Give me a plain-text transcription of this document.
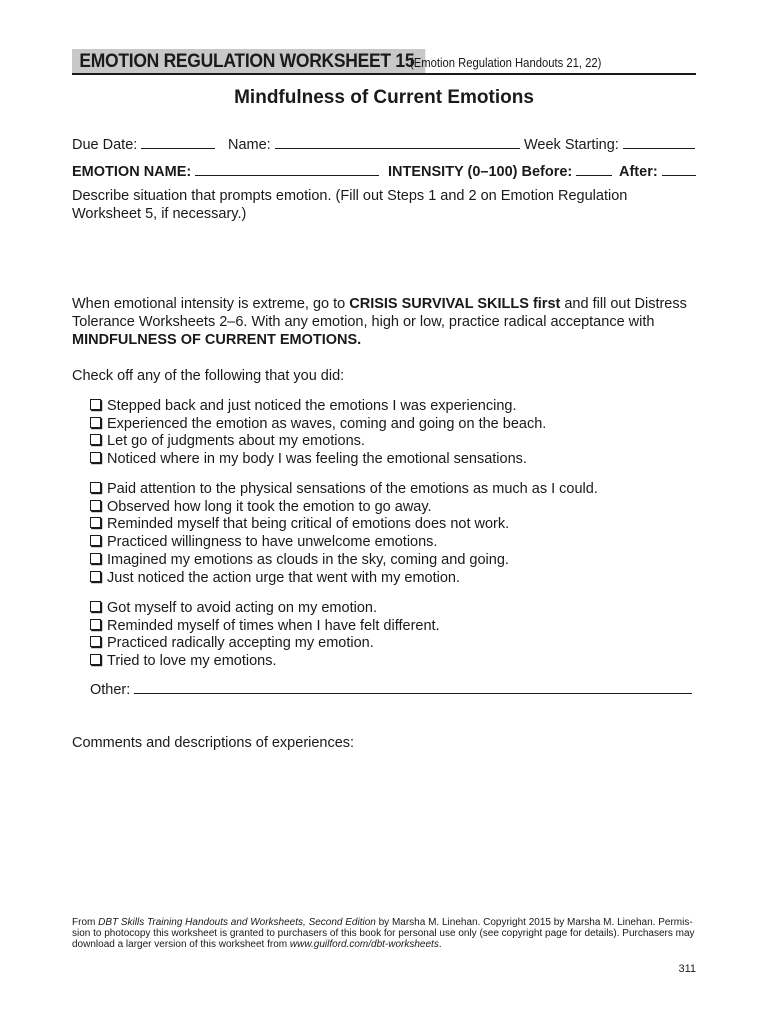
EMOTION REGULATION WORKSHEET 15
(Emotion Regulation Handouts 21, 22)
Mindfulness of Current Emotions
Due Date:	Name:	Week Starting:
EMOTION NAME:	INTENSITY (0–100) Before:	After:
Describe situation that prompts emotion. (Fill out Steps 1 and 2 on Emotion Regulation Worksheet 5, if necessary.)
When emotional intensity is extreme, go to CRISIS SURVIVAL SKILLS first and fill out Distress Tolerance Worksheets 2–6. With any emotion, high or low, practice radical acceptance with MINDFULNESS OF CURRENT EMOTIONS.
Check off any of the following that you did:
Stepped back and just noticed the emotions I was experiencing.
Experienced the emotion as waves, coming and going on the beach.
Let go of judgments about my emotions.
Noticed where in my body I was feeling the emotional sensations.
Paid attention to the physical sensations of the emotions as much as I could.
Observed how long it took the emotion to go away.
Reminded myself that being critical of emotions does not work.
Practiced willingness to have unwelcome emotions.
Imagined my emotions as clouds in the sky, coming and going.
Just noticed the action urge that went with my emotion.
Got myself to avoid acting on my emotion.
Reminded myself of times when I have felt different.
Practiced radically accepting my emotion.
Tried to love my emotions.
Other:
Comments and descriptions of experiences:
From DBT Skills Training Handouts and Worksheets, Second Edition by Marsha M. Linehan. Copyright 2015 by Marsha M. Linehan. Permis-
sion to photocopy this worksheet is granted to purchasers of this book for personal use only (see copyright page for details). Purchasers may
download a larger version of this worksheet from www.guilford.com/dbt-worksheets.
311
